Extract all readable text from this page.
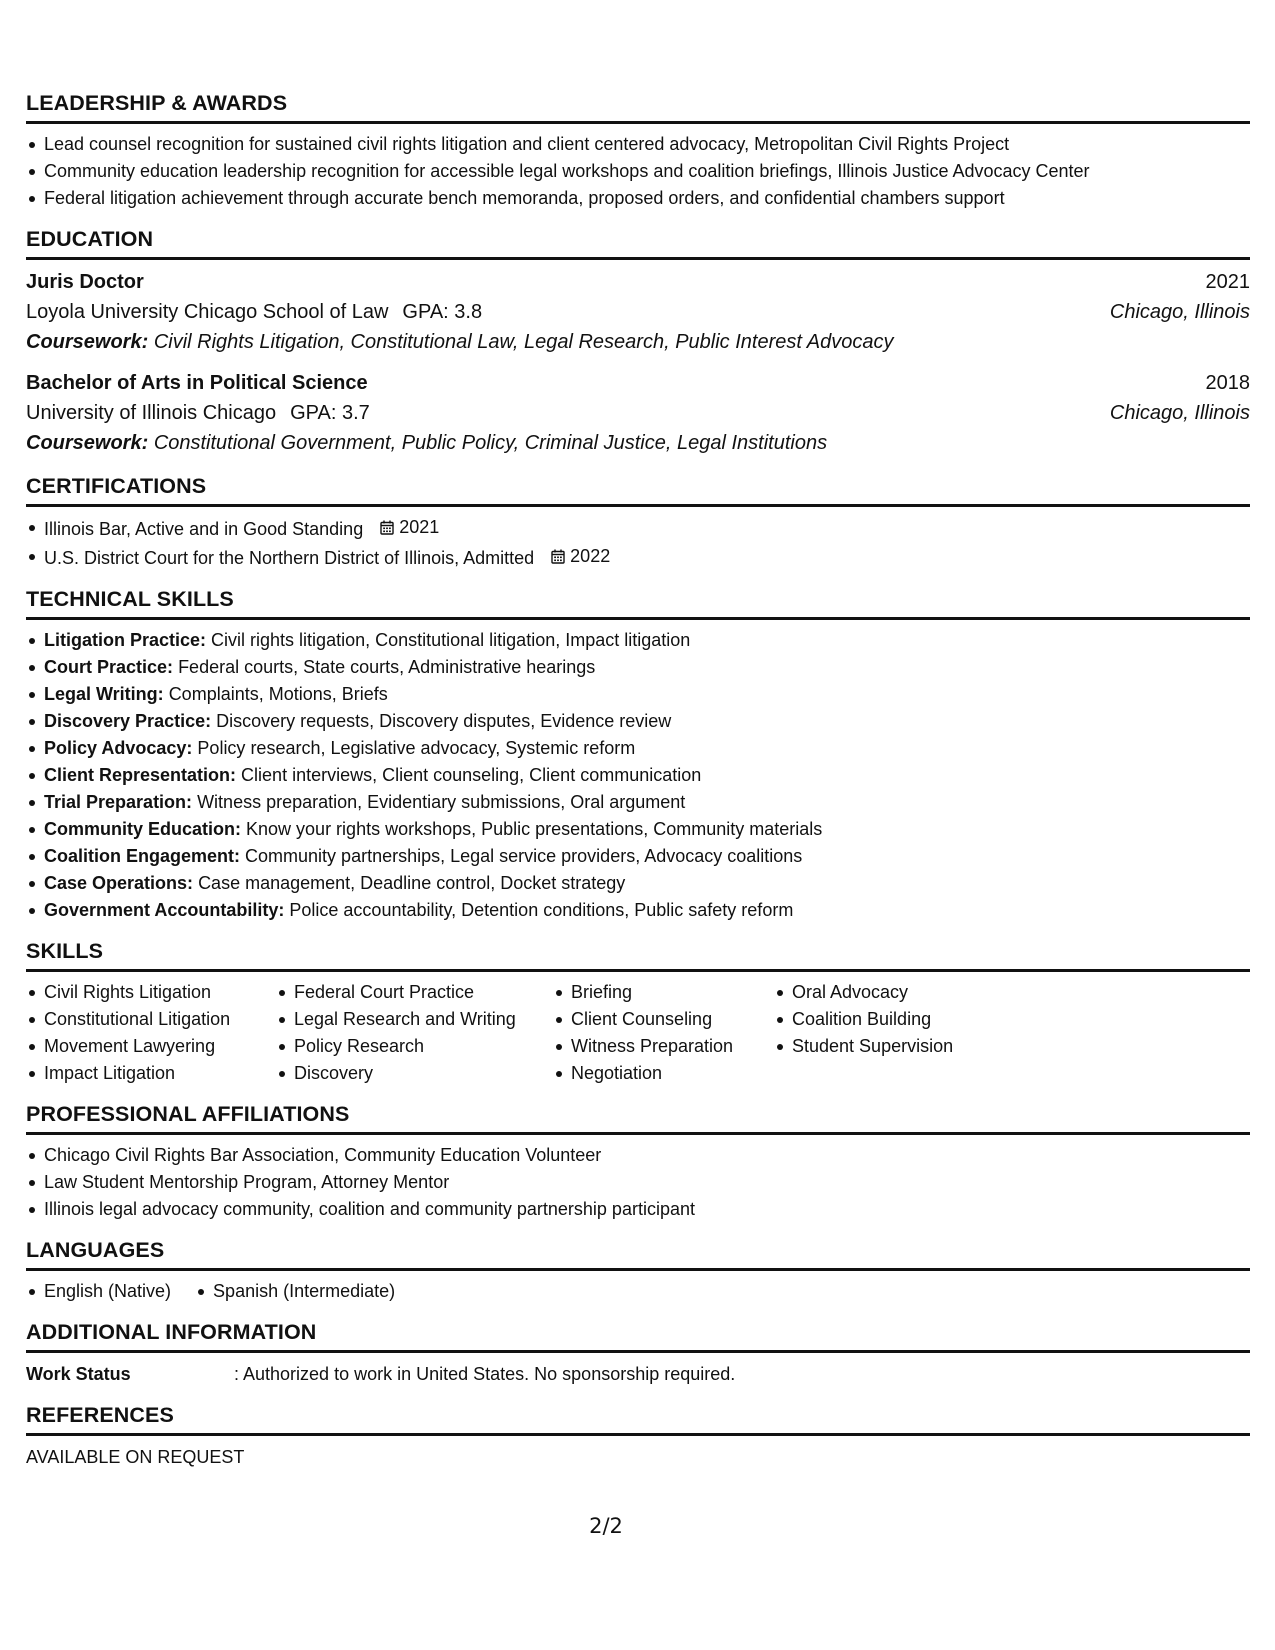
LEADERSHIP & AWARDS
Lead counsel recognition for sustained civil rights litigation and client centered advocacy, Metropolitan Civil Rights Project
Community education leadership recognition for accessible legal workshops and coalition briefings, Illinois Justice Advocacy Center
Federal litigation achievement through accurate bench memoranda, proposed orders, and confidential chambers support
EDUCATION
Juris Doctor	2021
Loyola University Chicago School of Law GPA: 3.8	Chicago, Illinois
Coursework: Civil Rights Litigation, Constitutional Law, Legal Research, Public Interest Advocacy
Bachelor of Arts in Political Science	2018
University of Illinois Chicago GPA: 3.7	Chicago, Illinois
Coursework: Constitutional Government, Public Policy, Criminal Justice, Legal Institutions
CERTIFICATIONS
Illinois Bar, Active and in Good Standing 2021
U.S. District Court for the Northern District of Illinois, Admitted 2022
TECHNICAL SKILLS
Litigation Practice: Civil rights litigation, Constitutional litigation, Impact litigation
Court Practice: Federal courts, State courts, Administrative hearings
Legal Writing: Complaints, Motions, Briefs
Discovery Practice: Discovery requests, Discovery disputes, Evidence review
Policy Advocacy: Policy research, Legislative advocacy, Systemic reform
Client Representation: Client interviews, Client counseling, Client communication
Trial Preparation: Witness preparation, Evidentiary submissions, Oral argument
Community Education: Know your rights workshops, Public presentations, Community materials
Coalition Engagement: Community partnerships, Legal service providers, Advocacy coalitions
Case Operations: Case management, Deadline control, Docket strategy
Government Accountability: Police accountability, Detention conditions, Public safety reform
SKILLS
Civil Rights Litigation
Constitutional Litigation
Movement Lawyering
Impact Litigation
Federal Court Practice
Legal Research and Writing
Policy Research
Discovery
Briefing
Client Counseling
Witness Preparation
Negotiation
Oral Advocacy
Coalition Building
Student Supervision
PROFESSIONAL AFFILIATIONS
Chicago Civil Rights Bar Association, Community Education Volunteer
Law Student Mentorship Program, Attorney Mentor
Illinois legal advocacy community, coalition and community partnership participant
LANGUAGES
English (Native) Spanish (Intermediate)
ADDITIONAL INFORMATION
Work Status	: Authorized to work in United States. No sponsorship required.
REFERENCES
AVAILABLE ON REQUEST
2/2
